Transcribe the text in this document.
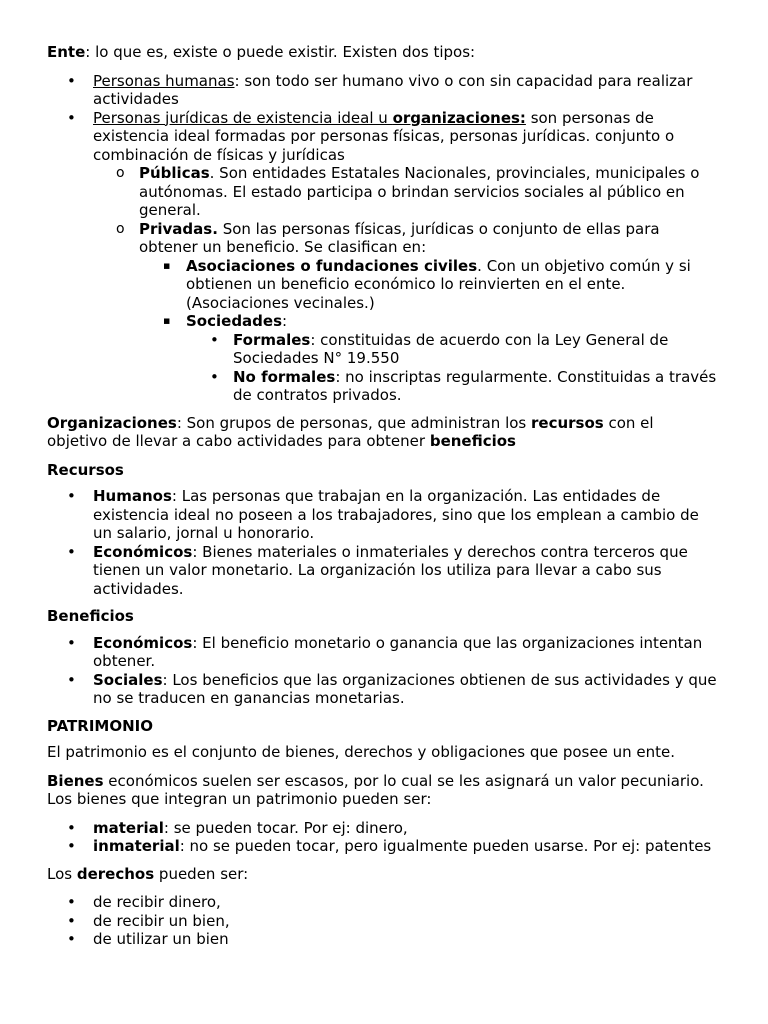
Ente: lo que es, existe o puede existir. Existen dos tipos:

• Personas humanas: son todo ser humano vivo o con sin capacidad para realizar actividades
• Personas jurídicas de existencia ideal u organizaciones: son personas de existencia ideal formadas por personas físicas, personas jurídicas. conjunto o combinación de físicas y jurídicas
o Públicas. Son entidades Estatales Nacionales, provinciales, municipales o autónomas. El estado participa o brindan servicios sociales al público en general.
o Privadas. Son las personas físicas, jurídicas o conjunto de ellas para obtener un beneficio. Se clasifican en:
▪ Asociaciones o fundaciones civiles. Con un objetivo común y si obtienen un beneficio económico lo reinvierten en el ente. (Asociaciones vecinales.)
▪ Sociedades:
• Formales: constituidas de acuerdo con la Ley General de Sociedades N° 19.550
• No formales: no inscriptas regularmente. Constituidas a través de contratos privados.

Organizaciones: Son grupos de personas, que administran los recursos con el objetivo de llevar a cabo actividades para obtener beneficios

Recursos

• Humanos: Las personas que trabajan en la organización. Las entidades de existencia ideal no poseen a los trabajadores, sino que los emplean a cambio de un salario, jornal u honorario.
• Económicos: Bienes materiales o inmateriales y derechos contra terceros que tienen un valor monetario. La organización los utiliza para llevar a cabo sus actividades.

Beneficios

• Económicos: El beneficio monetario o ganancia que las organizaciones intentan obtener.
• Sociales: Los beneficios que las organizaciones obtienen de sus actividades y que no se traducen en ganancias monetarias.

PATRIMONIO

El patrimonio es el conjunto de bienes, derechos y obligaciones que posee un ente.

Bienes económicos suelen ser escasos, por lo cual se les asignará un valor pecuniario. Los bienes que integran un patrimonio pueden ser:

• material: se pueden tocar. Por ej: dinero,
• inmaterial: no se pueden tocar, pero igualmente pueden usarse. Por ej: patentes

Los derechos pueden ser:

• de recibir dinero,
• de recibir un bien,
• de utilizar un bien
